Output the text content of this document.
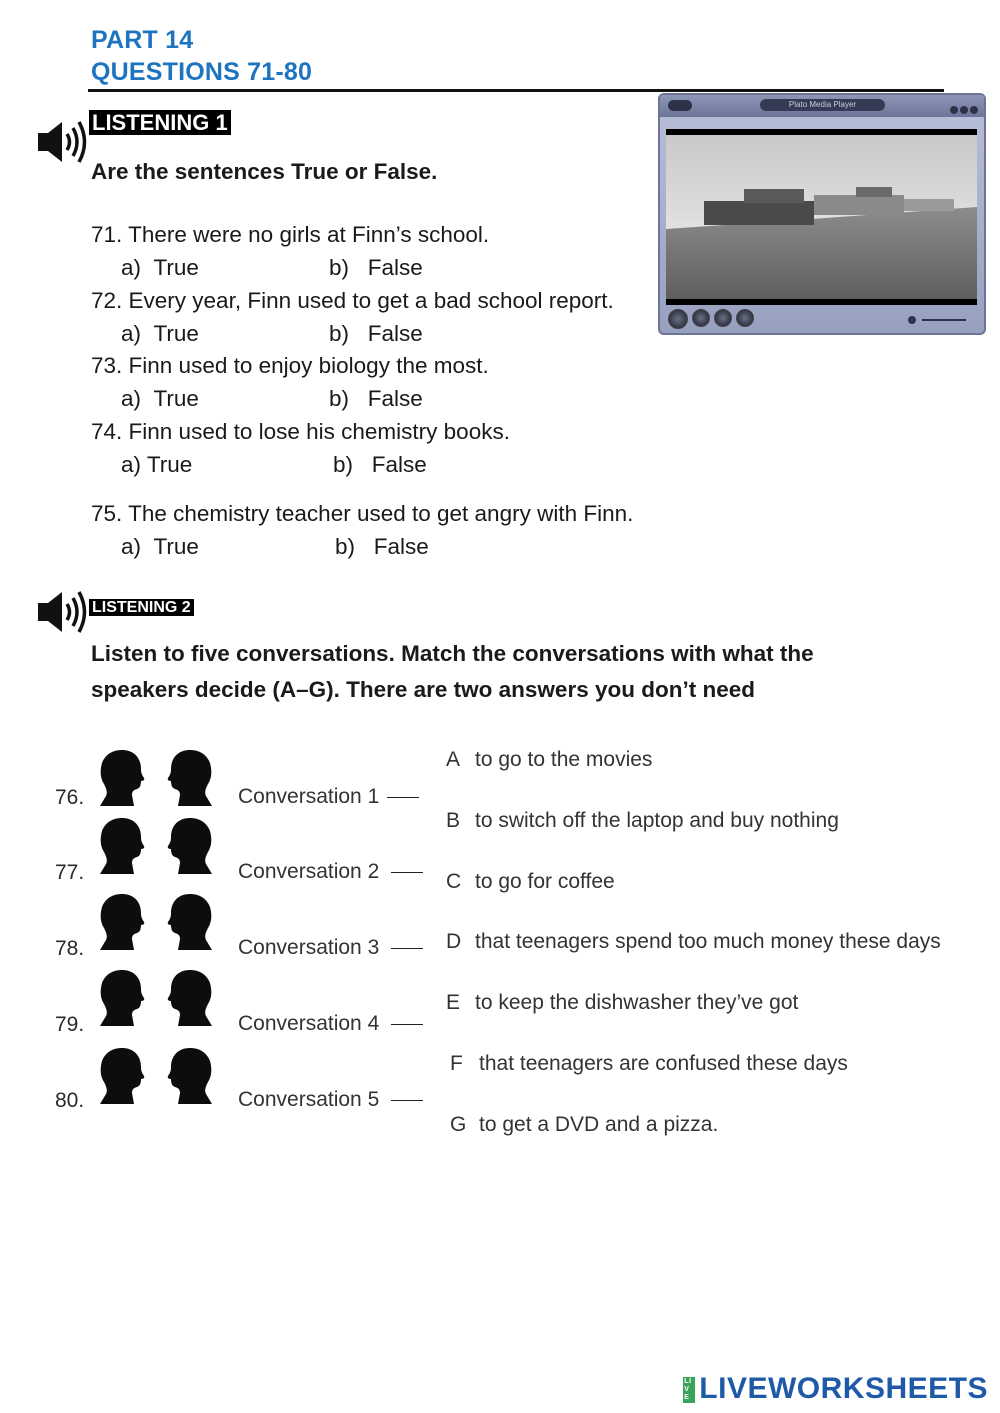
PART 14
QUESTIONS 71-80
LISTENING 1
Are the sentences True or False.
71. There were no girls at Finn’s school.
a)  True	b)   False
72. Every year, Finn used to get a bad school report.
a)  True	b)   False
73. Finn used to enjoy biology the most.
a)  True	b)   False
74. Finn used to lose his chemistry books.
a) True	b)   False
75. The chemistry teacher used to get angry with Finn.
a)  True	b)   False
Plato Media Player
LISTENING 2
Listen to five conversations. Match the conversations with what the
speakers decide (A–G). There are two answers you don’t need
76.	Conversation 1
77.	Conversation 2
78.	Conversation 3
79.	Conversation 4
80.	Conversation 5
A to go to the movies
B to switch off the laptop and buy nothing
C to go for coffee
D that teenagers spend too much money these days
E to keep the dishwasher they’ve got
F that teenagers are confused these days
G to get a DVD and a pizza.
LIVE LIVEWORKSHEETS
